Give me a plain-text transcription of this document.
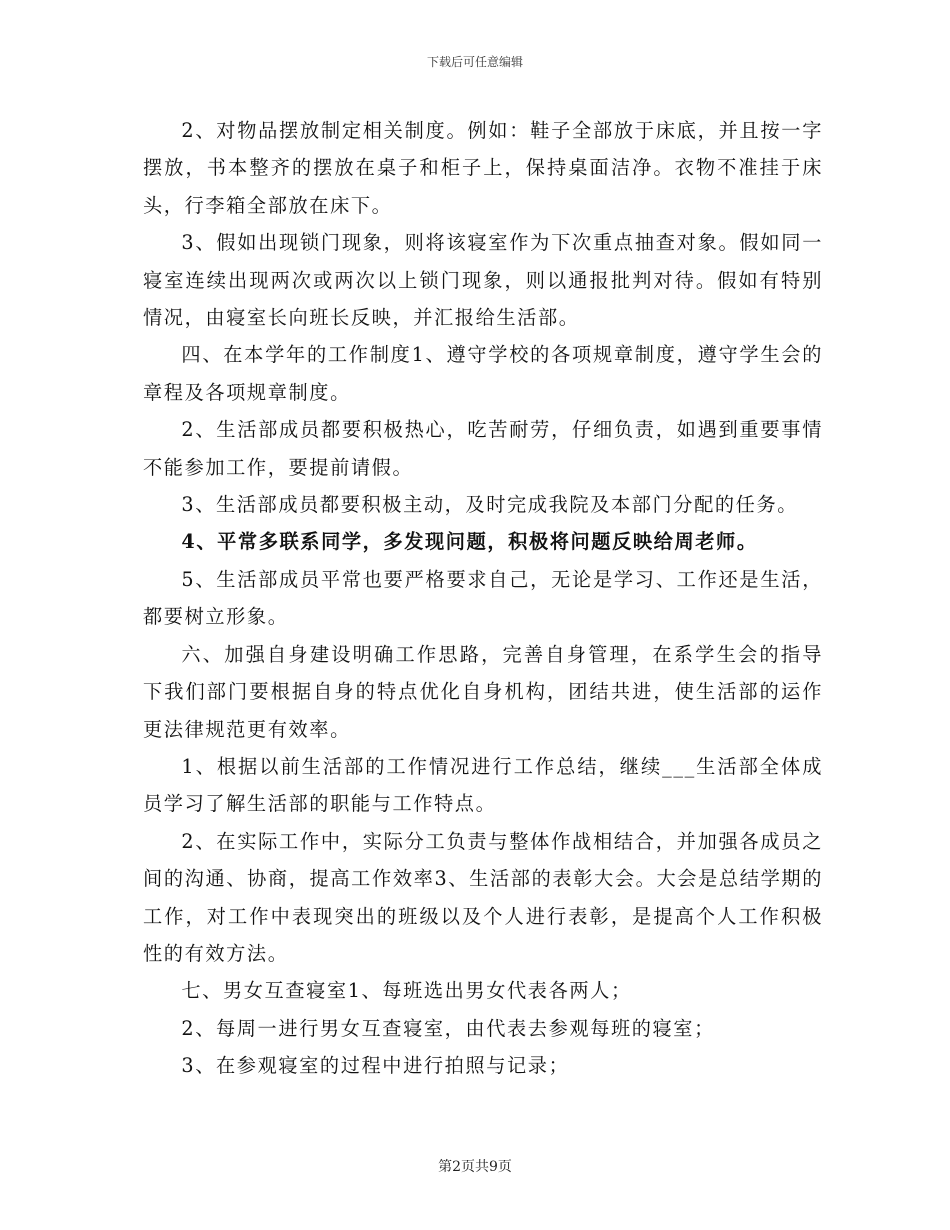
下载后可任意编辑

2、对物品摆放制定相关制度。例如：鞋子全部放于床底，并且按一字摆放，书本整齐的摆放在桌子和柜子上，保持桌面洁净。衣物不准挂于床头，行李箱全部放在床下。

3、假如出现锁门现象，则将该寝室作为下次重点抽查对象。假如同一寝室连续出现两次或两次以上锁门现象，则以通报批判对待。假如有特别情况，由寝室长向班长反映，并汇报给生活部。

四、在本学年的工作制度1、遵守学校的各项规章制度，遵守学生会的章程及各项规章制度。

2、生活部成员都要积极热心，吃苦耐劳，仔细负责，如遇到重要事情不能参加工作，要提前请假。

3、生活部成员都要积极主动，及时完成我院及本部门分配的任务。

4、平常多联系同学，多发现问题，积极将问题反映给周老师。

5、生活部成员平常也要严格要求自己，无论是学习、工作还是生活，都要树立形象。

六、加强自身建设明确工作思路，完善自身管理，在系学生会的指导下我们部门要根据自身的特点优化自身机构，团结共进，使生活部的运作更法律规范更有效率。

1、根据以前生活部的工作情况进行工作总结，继续___生活部全体成员学习了解生活部的职能与工作特点。

2、在实际工作中，实际分工负责与整体作战相结合，并加强各成员之间的沟通、协商，提高工作效率3、生活部的表彰大会。大会是总结学期的工作，对工作中表现突出的班级以及个人进行表彰，是提高个人工作积极性的有效方法。

七、男女互查寝室1、每班选出男女代表各两人；

2、每周一进行男女互查寝室，由代表去参观每班的寝室；

3、在参观寝室的过程中进行拍照与记录；

第2页共9页
